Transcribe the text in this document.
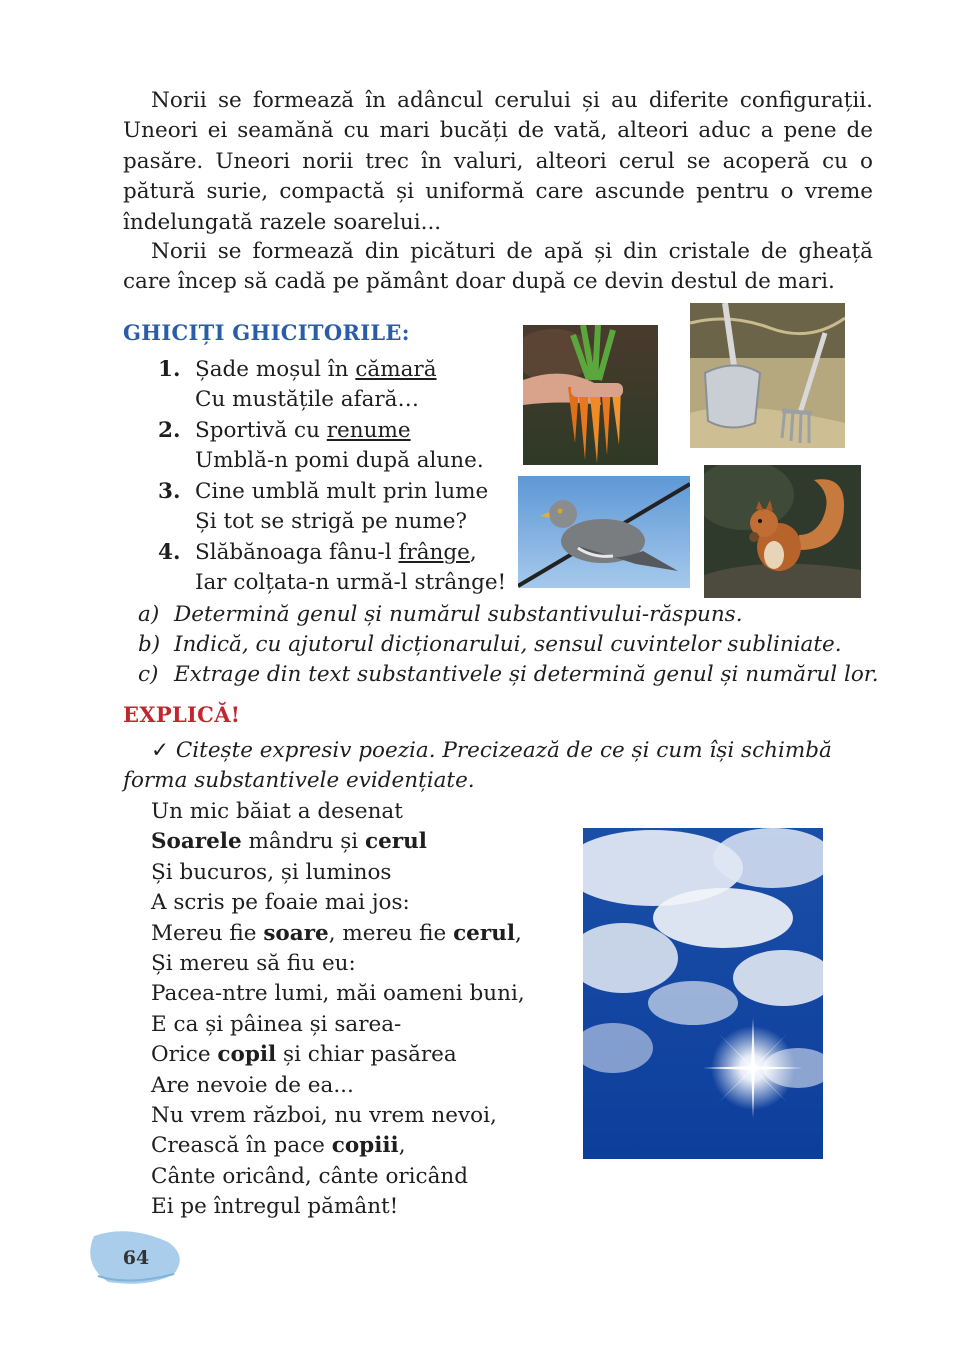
Norii se formează în adâncul cerului și au diferite configurații. Uneori ei seamănă cu mari bucăți de vată, alteori aduc a pene de pasăre. Uneori norii trec în valuri, alteori cerul se acoperă cu o pătură surie, compactă și uniformă care ascunde pentru o vreme îndelungată razele soarelui...
Norii se formează din picături de apă și din cristale de gheață care încep să cadă pe pământ doar după ce devin destul de mari.
GHICIȚI GHICITORILE:
1. Șade moșul în cămară
Cu mustățile afară…
2. Sportivă cu renume
Umblă-n pomi după alune.
3. Cine umblă mult prin lume
Și tot se strigă pe nume?
4. Slăbănoaga fânu-l frânge,
Iar colțata-n urmă-l strânge!
a) Determină genul și numărul substantivului-răspuns.
b) Indică, cu ajutorul dicționarului, sensul cuvintelor subliniate.
c) Extrage din text substantivele și determină genul și numărul lor.
EXPLICĂ!
✓ Citește expresiv poezia. Precizează de ce și cum își schimbă forma substantivele evidențiate.
Un mic băiat a desenat
Soarele mândru și cerul
Și bucuros, și luminos
A scris pe foaie mai jos:
Mereu fie soare, mereu fie cerul,
Și mereu să fiu eu:
Pacea-ntre lumi, măi oameni buni,
E ca și pâinea și sarea-
Orice copil și chiar pasărea
Are nevoie de ea...
Nu vrem război, nu vrem nevoi,
Crească în pace copiii,
Cânte oricând, cânte oricând
Ei pe întregul pământ!
64
